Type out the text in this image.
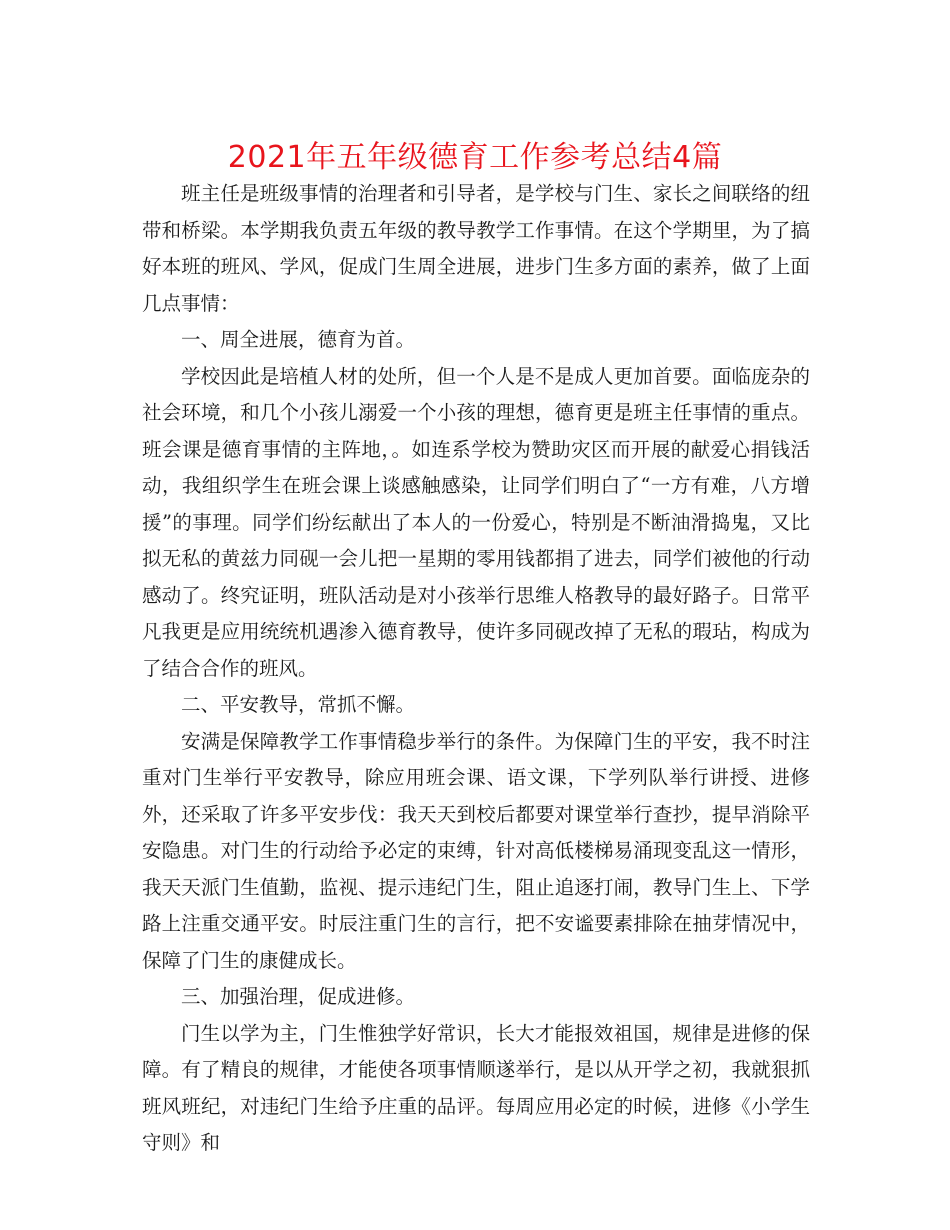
2021年五年级德育工作参考总结4篇

班主任是班级事情的治理者和引导者，是学校与门生、家长之间联络的纽带和桥梁。本学期我负责五年级的教导教学工作事情。在这个学期里，为了搞好本班的班风、学风，促成门生周全进展，进步门生多方面的素养，做了上面几点事情：

一、周全进展，德育为首。

学校因此是培植人材的处所，但一个人是不是成人更加首要。面临庞杂的社会环境，和几个小孩儿溺爱一个小孩的理想，德育更是班主任事情的重点。班会课是德育事情的主阵地，。如连系学校为赞助灾区而开展的献爱心捐钱活动，我组织学生在班会课上谈感触感染，让同学们明白了“一方有难，八方增援”的事理。同学们纷纭献出了本人的一份爱心，特别是不断油滑捣鬼，又比拟无私的黄兹力同砚一会儿把一星期的零用钱都捐了进去，同学们被他的行动感动了。终究证明，班队活动是对小孩举行思维人格教导的最好路子。日常平凡我更是应用统统机遇渗入德育教导，使许多同砚改掉了无私的瑕玷，构成为了结合合作的班风。

二、平安教导，常抓不懈。

安满是保障教学工作事情稳步举行的条件。为保障门生的平安，我不时注重对门生举行平安教导，除应用班会课、语文课，下学列队举行讲授、进修外，还采取了许多平安步伐：我天天到校后都要对课堂举行查抄，提早消除平安隐患。对门生的行动给予必定的束缚，针对高低楼梯易涌现变乱这一情形，我天天派门生值勤，监视、提示违纪门生，阻止追逐打闹，教导门生上、下学路上注重交通平安。时辰注重门生的言行，把不安谧要素排除在抽芽情况中，保障了门生的康健成长。

三、加强治理，促成进修。

门生以学为主，门生惟独学好常识，长大才能报效祖国，规律是进修的保障。有了精良的规律，才能使各项事情顺遂举行，是以从开学之初，我就狠抓班风班纪，对违纪门生给予庄重的品评。每周应用必定的时候，进修《小学生守则》和
